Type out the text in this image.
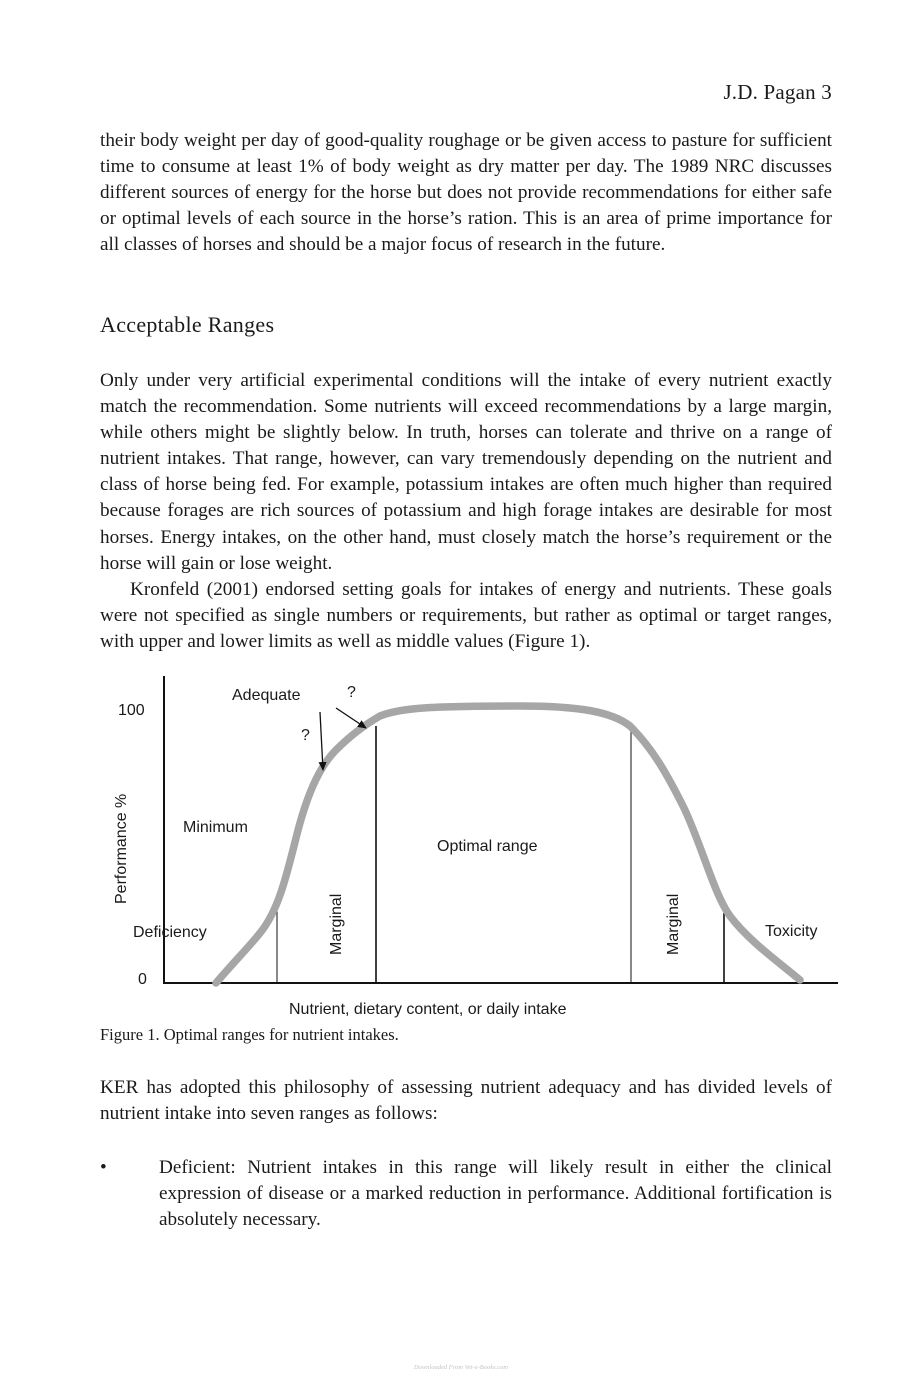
J.D. Pagan 3

their body weight per day of good-quality roughage or be given access to pasture for sufficient time to consume at least 1% of body weight as dry matter per day. The 1989 NRC discusses different sources of energy for the horse but does not provide recommendations for either safe or optimal levels of each source in the horse’s ration. This is an area of prime importance for all classes of horses and should be a major focus of research in the future.

Acceptable Ranges

Only under very artificial experimental conditions will the intake of every nutrient exactly match the recommendation. Some nutrients will exceed recommendations by a large margin, while others might be slightly below. In truth, horses can tolerate and thrive on a range of nutrient intakes. That range, however, can vary tremendously depending on the nutrient and class of horse being fed. For example, potassium intakes are often much higher than required because forages are rich sources of potassium and high forage intakes are desirable for most horses. Energy intakes, on the other hand, must closely match the horse’s requirement or the horse will gain or lose weight.

Kronfeld (2001) endorsed setting goals for intakes of energy and nutrients. These goals were not specified as single numbers or requirements, but rather as optimal or target ranges, with upper and lower limits as well as middle values (Figure 1).

100
0
Performance %
Nutrient, dietary content, or daily intake
Adequate	?
?
Minimum
Optimal range
Deficiency	Marginal	Marginal	Toxicity
Figure 1. Optimal ranges for nutrient intakes.

KER has adopted this philosophy of assessing nutrient adequacy and has divided levels of nutrient intake into seven ranges as follows:

•	Deficient: Nutrient intakes in this range will likely result in either the clinical expression of disease or a marked reduction in performance. Additional fortification is absolutely necessary.
Downloaded From Vet-e-Books.com
